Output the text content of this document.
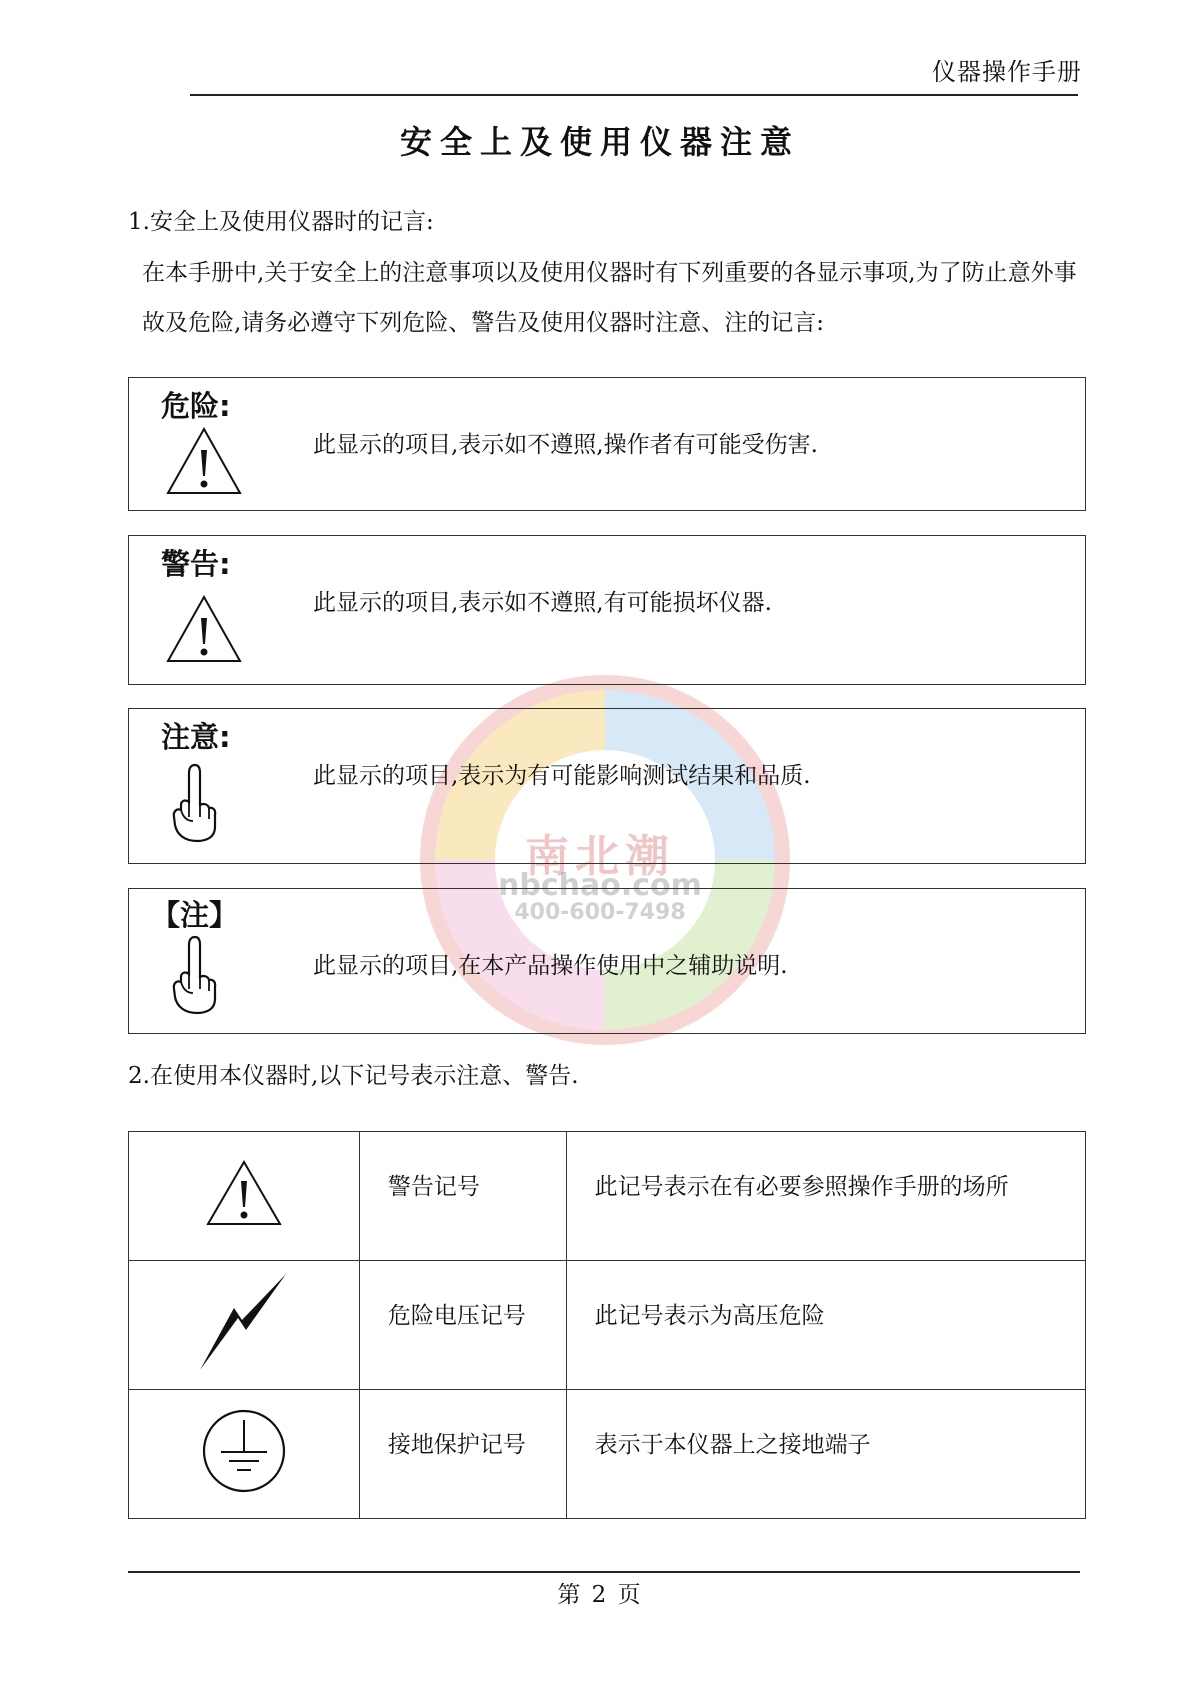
仪器操作手册
安全上及使用仪器注意
1.安全上及使用仪器时的记言:
在本手册中,关于安全上的注意事项以及使用仪器时有下列重要的各显示事项,为了防止意外事故及危险,请务必遵守下列危险、警告及使用仪器时注意、注的记言:
南北潮
nbchao.com
400-600-7498
危险:
此显示的项目,表示如不遵照,操作者有可能受伤害.
警告:
此显示的项目,表示如不遵照,有可能损坏仪器.
注意:
此显示的项目,表示为有可能影响测试结果和品质.
【注】
此显示的项目,在本产品操作使用中之辅助说明.
2.在使用本仪器时,以下记号表示注意、警告.

警告记号	此记号表示在有必要参照操作手册的场所

危险电压记号	此记号表示为高压危险

接地保护记号	表示于本仪器上之接地端子
第 2 页
